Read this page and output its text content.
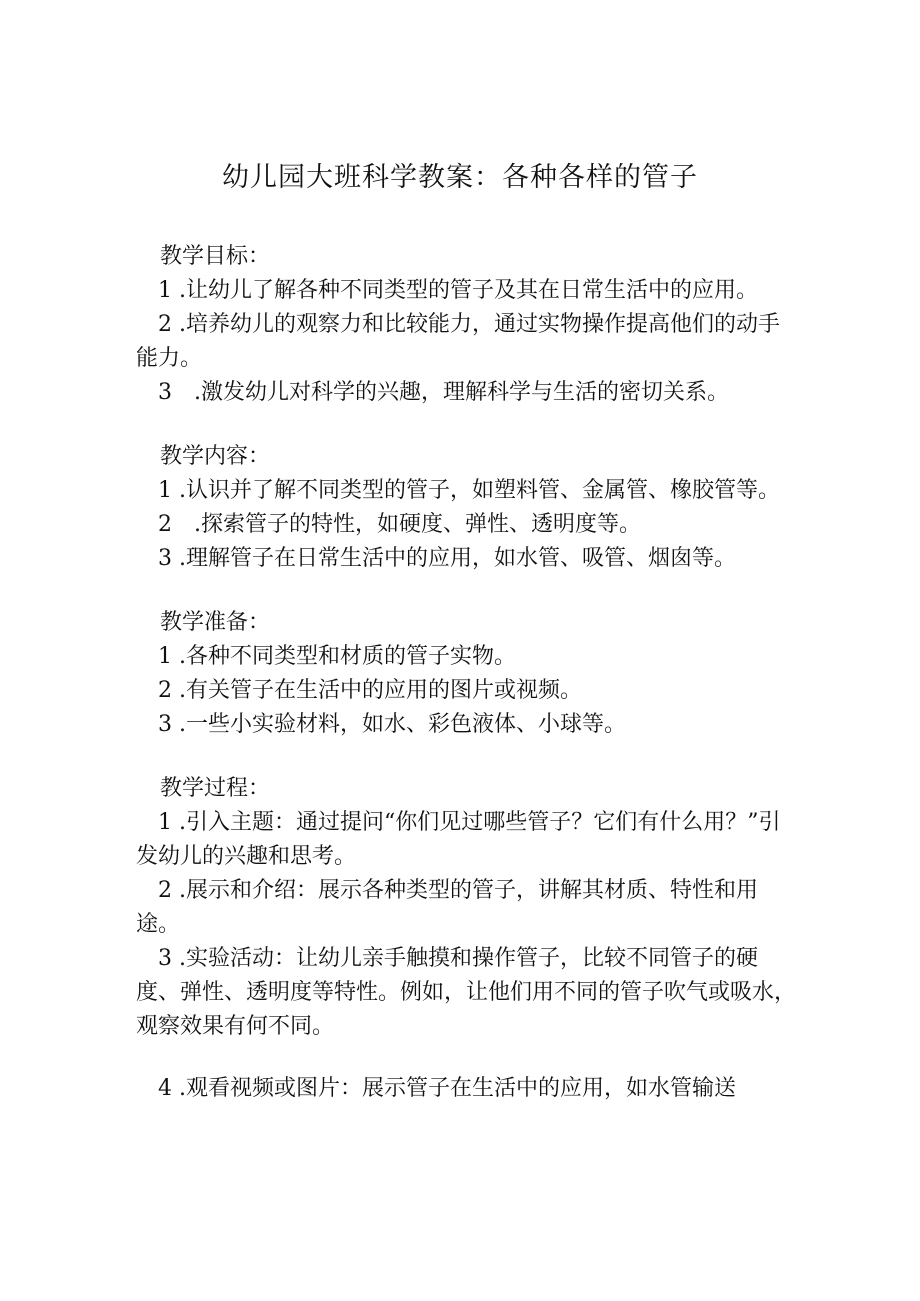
幼儿园大班科学教案：各种各样的管子

教学目标：

1 .让幼儿了解各种不同类型的管子及其在日常生活中的应用。

2 .培养幼儿的观察力和比较能力，通过实物操作提高他们的动手能力。

3　.激发幼儿对科学的兴趣，理解科学与生活的密切关系。

教学内容：

1 .认识并了解不同类型的管子，如塑料管、金属管、橡胶管等。

2　.探索管子的特性，如硬度、弹性、透明度等。

3 .理解管子在日常生活中的应用，如水管、吸管、烟囱等。

教学准备：

1 .各种不同类型和材质的管子实物。

2 .有关管子在生活中的应用的图片或视频。

3 .一些小实验材料，如水、彩色液体、小球等。

教学过程：

1 .引入主题：通过提问“你们见过哪些管子？它们有什么用？”引发幼儿的兴趣和思考。

2 .展示和介绍：展示各种类型的管子，讲解其材质、特性和用途。

3 .实验活动：让幼儿亲手触摸和操作管子，比较不同管子的硬度、弹性、透明度等特性。例如，让他们用不同的管子吹气或吸水，观察效果有何不同。

4 .观看视频或图片：展示管子在生活中的应用，如水管输送
